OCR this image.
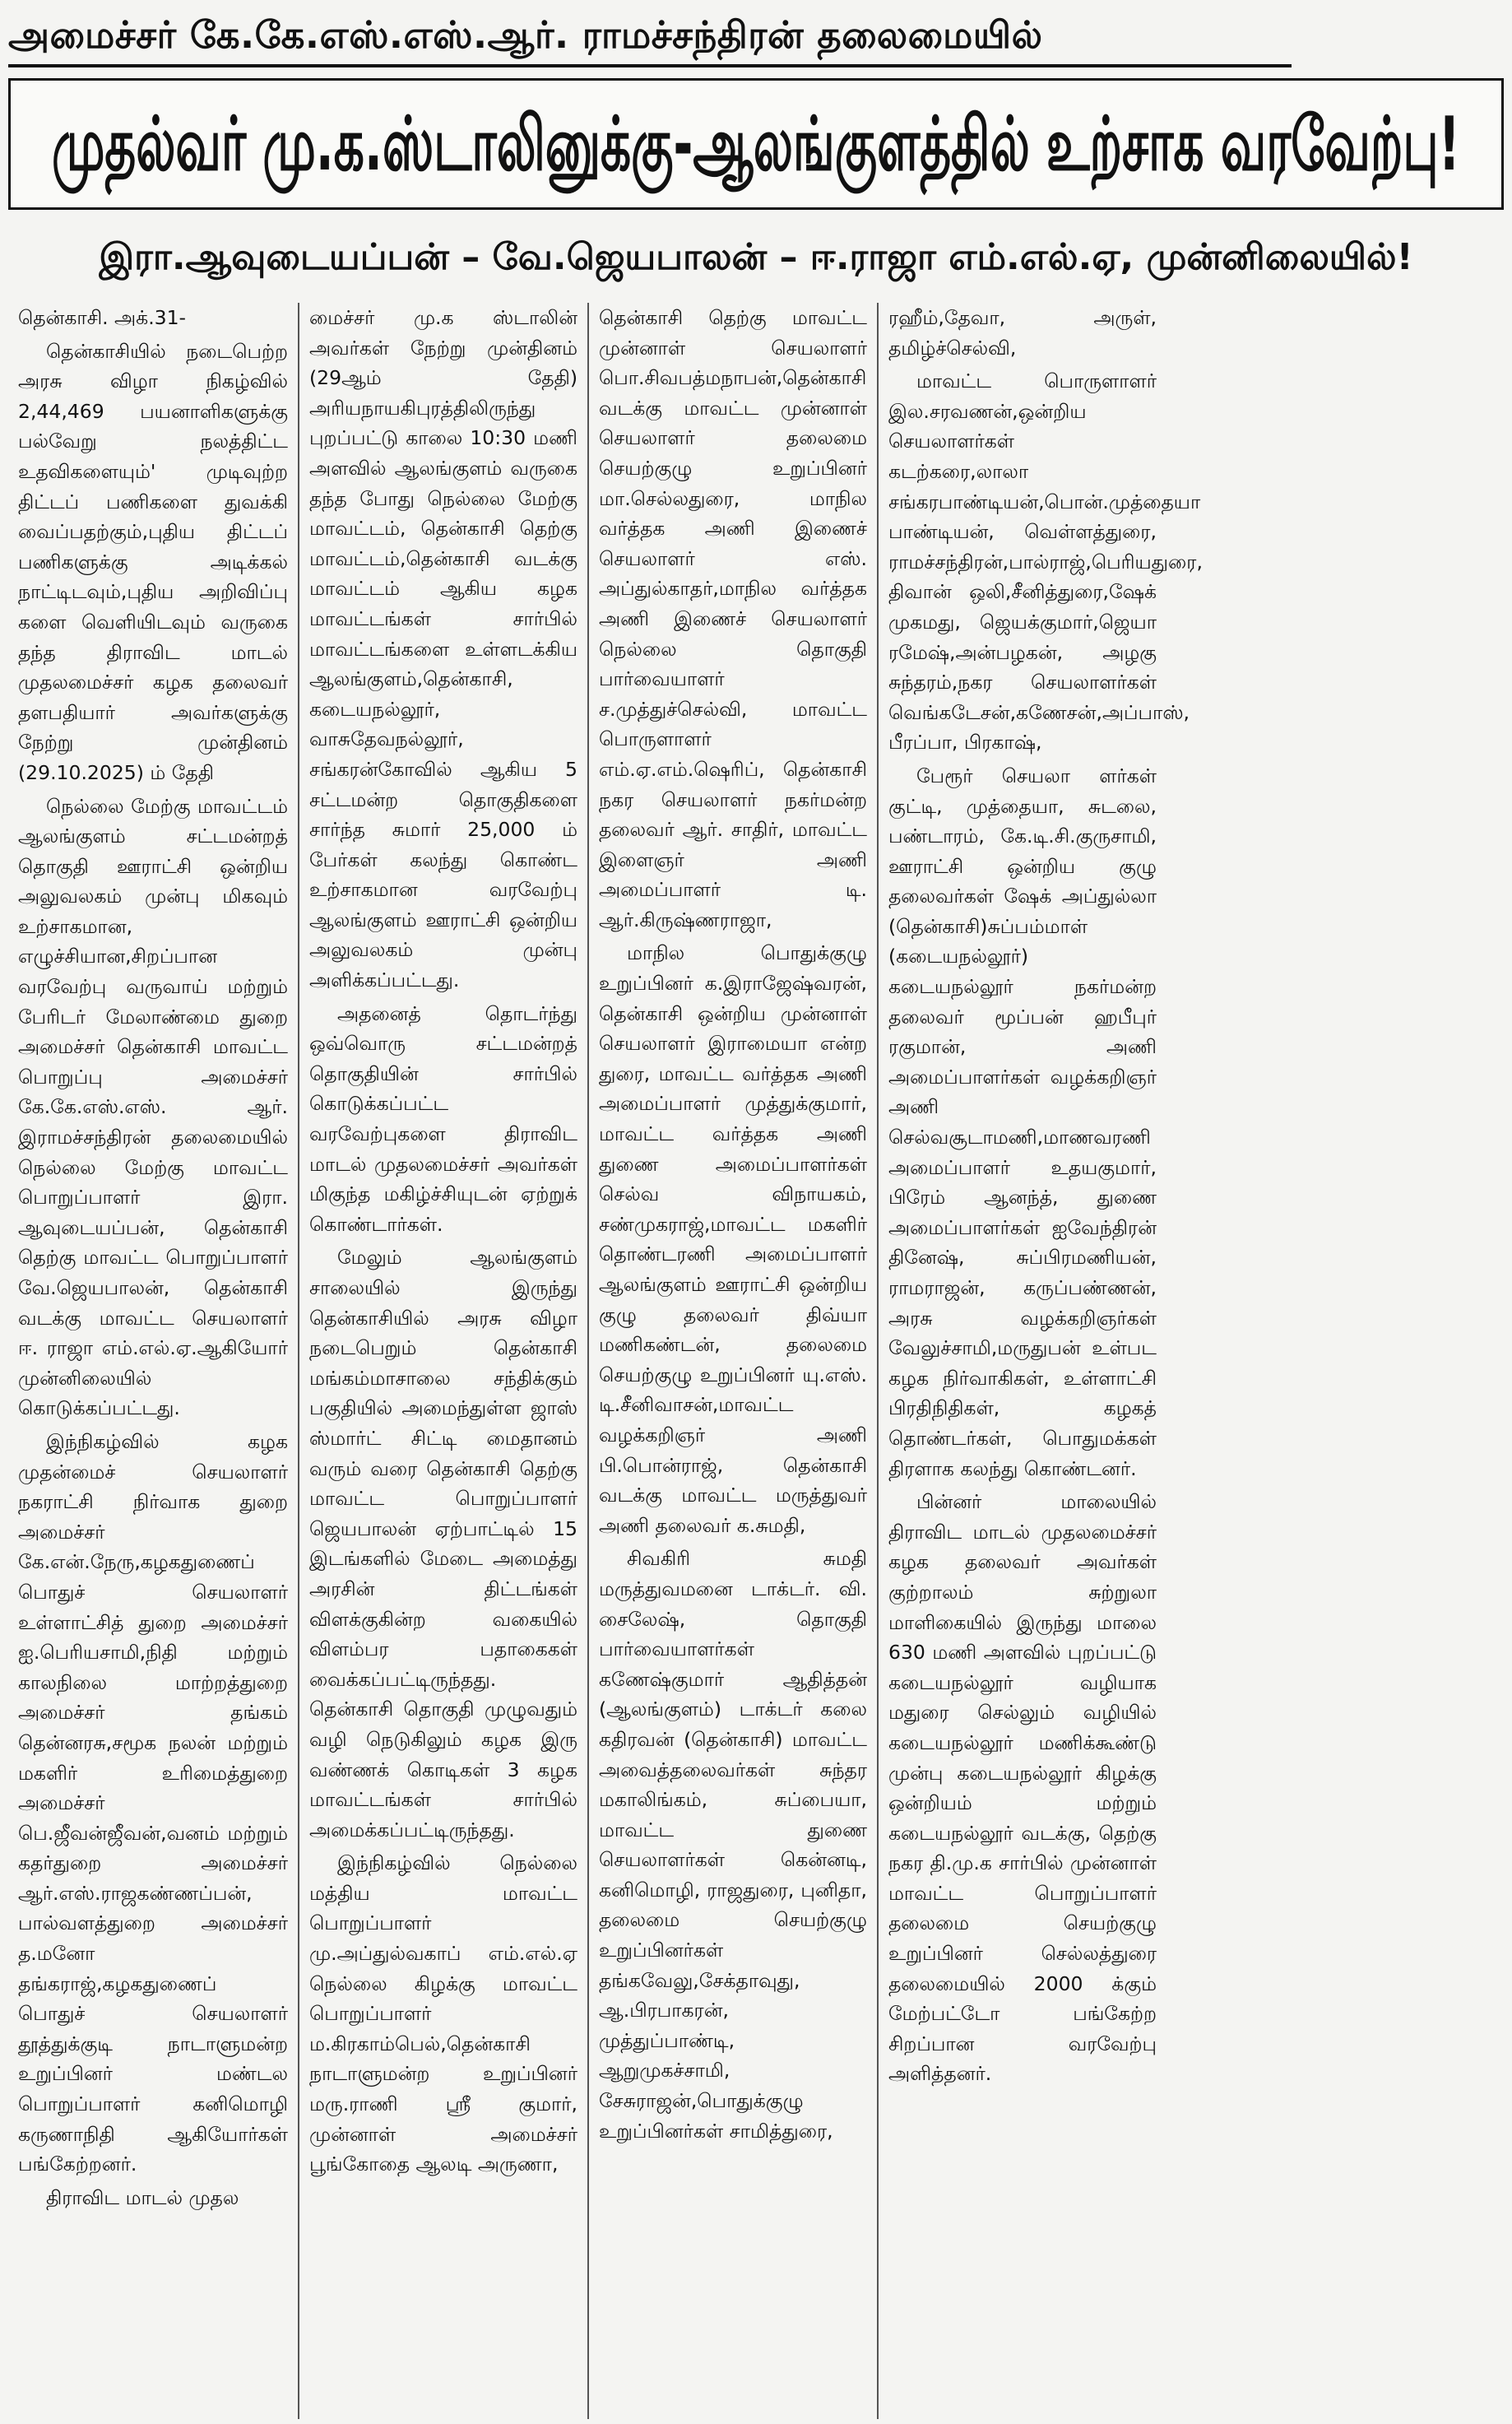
அமைச்சர் கே.கே.எஸ்.எஸ்.ஆர். ராமச்சந்திரன் தலைமையில்
முதல்வர் மு.க.ஸ்டாலினுக்கு-ஆலங்குளத்தில் உற்சாக வரவேற்பு!
இரா.ஆவுடையப்பன் – வே.ஜெயபாலன் – ஈ.ராஜா எம்.எல்.ஏ, முன்னிலையில்!

தென்காசி. அக்.31-

தென்காசியில் நடைபெற்ற அரசு விழா நிகழ்வில் 2,44,469 பயனாளிகளுக்கு பல்வேறு நலத்திட்ட உதவிகளையும்' முடிவுற்ற திட்டப் பணிகளை துவக்கி வைப்பதற்கும்,புதிய திட்டப் பணிகளுக்கு அடிக்கல் நாட்டிடவும்,புதிய அறிவிப்பு களை வெளியிடவும் வருகை தந்த திராவிட மாடல் முதலமைச்சர் கழக தலைவர் தளபதியார் அவர்களுக்கு நேற்று முன்தினம் (29.10.2025) ம் தேதி

நெல்லை மேற்கு மாவட்டம் ஆலங்குளம் சட்டமன்றத் தொகுதி ஊராட்சி ஒன்றிய அலுவலகம் முன்பு மிகவும் உற்சாகமான, எழுச்சியான,சிறப்பான வரவேற்பு வருவாய் மற்றும் பேரிடர் மேலாண்மை துறை அமைச்சர் தென்காசி மாவட்ட பொறுப்பு அமைச்சர் கே.கே.எஸ்.எஸ். ஆர். இராமச்சந்திரன் தலைமையில் நெல்லை மேற்கு மாவட்ட பொறுப்பாளர் இரா. ஆவுடையப்பன், தென்காசி தெற்கு மாவட்ட பொறுப்பாளர் வே.ஜெயபாலன், தென்காசி வடக்கு மாவட்ட செயலாளர் ஈ. ராஜா எம்.எல்.ஏ.ஆகியோர் முன்னிலையில் கொடுக்கப்பட்டது.

இந்நிகழ்வில் கழக முதன்மைச் செயலாளர் நகராட்சி நிர்வாக துறை அமைச்சர் கே.என்.நேரு,கழகதுணைப் பொதுச் செயலாளர் உள்ளாட்சித் துறை அமைச்சர் ஐ.பெரியசாமி,நிதி மற்றும் காலநிலை மாற்றத்துறை அமைச்சர் தங்கம் தென்னரசு,சமூக நலன் மற்றும் மகளிர் உரிமைத்துறை அமைச்சர் பெ.ஜீவன்ஜீவன்,வனம் மற்றும் கதர்துறை அமைச்சர் ஆர்.எஸ்.ராஜகண்ணப்பன், பால்வளத்துறை அமைச்சர் த.மனோ தங்கராஜ்,கழகதுணைப் பொதுச் செயலாளர் தூத்துக்குடி நாடாளுமன்ற உறுப்பினர் மண்டல பொறுப்பாளர் கனிமொழி கருணாநிதி ஆகியோர்கள் பங்கேற்றனர்.

திராவிட மாடல் முதல

மைச்சர் மு.க ஸ்டாலின் அவர்கள் நேற்று முன்தினம் (29ஆம் தேதி) அரியநாயகிபுரத்திலிருந்து புறப்பட்டு காலை 10:30 மணி அளவில் ஆலங்குளம் வருகை தந்த போது நெல்லை மேற்கு மாவட்டம், தென்காசி தெற்கு மாவட்டம்,தென்காசி வடக்கு மாவட்டம் ஆகிய கழக மாவட்டங்கள் சார்பில் மாவட்டங்களை உள்ளடக்கிய ஆலங்குளம்,தென்காசி, கடையநல்லூர், வாசுதேவநல்லூர், சங்கரன்கோவில் ஆகிய 5 சட்டமன்ற தொகுதிகளை சார்ந்த சுமார் 25,000 ம் பேர்கள் கலந்து கொண்ட உற்சாகமான வரவேற்பு ஆலங்குளம் ஊராட்சி ஒன்றிய அலுவலகம் முன்பு அளிக்கப்பட்டது.

அதனைத் தொடர்ந்து ஒவ்வொரு சட்டமன்றத் தொகுதியின் சார்பில் கொடுக்கப்பட்ட வரவேற்புகளை திராவிட மாடல் முதலமைச்சர் அவர்கள் மிகுந்த மகிழ்ச்சியுடன் ஏற்றுக் கொண்டார்கள்.

மேலும் ஆலங்குளம் சாலையில் இருந்து தென்காசியில் அரசு விழா நடைபெறும் தென்காசி மங்கம்மாசாலை சந்திக்கும் பகுதியில் அமைந்துள்ள ஜாஸ் ஸ்மார்ட் சிட்டி மைதானம் வரும் வரை தென்காசி தெற்கு மாவட்ட பொறுப்பாளர் ஜெயபாலன் ஏற்பாட்டில் 15 இடங்களில் மேடை அமைத்து அரசின் திட்டங்கள் விளக்குகின்ற வகையில் விளம்பர பதாகைகள் வைக்கப்பட்டிருந்தது. தென்காசி தொகுதி முழுவதும் வழி நெடுகிலும் கழக இரு வண்ணக் கொடிகள் 3 கழக மாவட்டங்கள் சார்பில் அமைக்கப்பட்டிருந்தது.

இந்நிகழ்வில் நெல்லை மத்திய மாவட்ட பொறுப்பாளர் மு.அப்துல்வகாப் எம்.எல்.ஏ நெல்லை கிழக்கு மாவட்ட பொறுப்பாளர் ம.கிரகாம்பெல்,தென்காசி நாடாளுமன்ற உறுப்பினர் மரு.ராணி ஸ்ரீ குமார், முன்னாள் அமைச்சர் பூங்கோதை ஆலடி அருணா,

தென்காசி தெற்கு மாவட்ட முன்னாள் செயலாளர் பொ.சிவபத்மநாபன்,தென்காசி வடக்கு மாவட்ட முன்னாள் செயலாளர் தலைமை செயற்குழு உறுப்பினர் மா.செல்லதுரை, மாநில வர்த்தக அணி இணைச் செயலாளர் எஸ். அப்துல்காதர்,மாநில வர்த்தக அணி இணைச் செயலாளர் நெல்லை தொகுதி பார்வையாளர் ச.முத்துச்செல்வி, மாவட்ட பொருளாளர் எம்.ஏ.எம்.ஷெரிப், தென்காசி நகர செயலாளர் நகர்மன்ற தலைவர் ஆர். சாதிர், மாவட்ட இளைஞர் அணி அமைப்பாளர் டி. ஆர்.கிருஷ்ணராஜா,

மாநில பொதுக்குழு உறுப்பினர் க.இராஜேஷ்வரன், தென்காசி ஒன்றிய முன்னாள் செயலாளர் இராமையா என்ற துரை, மாவட்ட வர்த்தக அணி அமைப்பாளர் முத்துக்குமார், மாவட்ட வர்த்தக அணி துணை அமைப்பாளர்கள் செல்வ விநாயகம், சண்முகராஜ்,மாவட்ட மகளிர் தொண்டரணி அமைப்பாளர் ஆலங்குளம் ஊராட்சி ஒன்றிய குழு தலைவர் திவ்யா மணிகண்டன், தலைமை செயற்குழு உறுப்பினர் யு.எஸ். டி.சீனிவாசன்,மாவட்ட வழக்கறிஞர் அணி பி.பொன்ராஜ், தென்காசி வடக்கு மாவட்ட மருத்துவர் அணி தலைவர் க.சுமதி,

சிவகிரி சுமதி மருத்துவமனை டாக்டர். வி. சைலேஷ், தொகுதி பார்வையாளர்கள் கணேஷ்குமார் ஆதித்தன் (ஆலங்குளம்) டாக்டர் கலை கதிரவன் (தென்காசி) மாவட்ட அவைத்தலைவர்கள் சுந்தர மகாலிங்கம், சுப்பையா, மாவட்ட துணை செயலாளர்கள் கென்னடி, கனிமொழி, ராஜதுரை, புனிதா, தலைமை செயற்குழு உறுப்பினர்கள் தங்கவேலு,சேக்தாவுது, ஆ.பிரபாகரன், முத்துப்பாண்டி, ஆறுமுகச்சாமி, சேசுராஜன்,பொதுக்குழு உறுப்பினர்கள் சாமித்துரை,

ரஹீம்,தேவா, அருள், தமிழ்ச்செல்வி,

மாவட்ட பொருளாளர் இல.சரவணன்,ஒன்றிய செயலாளர்கள் கடற்கரை,லாலா சங்கரபாண்டியன்,பொன்.முத்தையா பாண்டியன், வெள்ளத்துரை, ராமச்சந்திரன்,பால்ராஜ்,பெரியதுரை, திவான் ஒலி,சீனித்துரை,ஷேக் முகமது, ஜெயக்குமார்,ஜெயா ரமேஷ்,அன்பழகன், அழகு சுந்தரம்,நகர செயலாளர்கள் வெங்கடேசன்,கணேசன்,அப்பாஸ், பீரப்பா, பிரகாஷ்,

பேரூர் செயலா ளர்கள் குட்டி, முத்தையா, சுடலை, பண்டாரம், கே.டி.சி.குருசாமி, ஊராட்சி ஒன்றிய குழு தலைவர்கள் ஷேக் அப்துல்லா (தென்காசி)சுப்பம்மாள் (கடையநல்லூர்) கடையநல்லூர் நகர்மன்ற தலைவர் மூப்பன் ஹபீபுர் ரகுமான், அணி அமைப்பாளர்கள் வழக்கறிஞர் அணி செல்வசூடாமணி,மாணவரணி அமைப்பாளர் உதயகுமார், பிரேம் ஆனந்த், துணை அமைப்பாளர்கள் ஐவேந்திரன் தினேஷ், சுப்பிரமணியன், ராமராஜன், கருப்பண்ணன், அரசு வழக்கறிஞர்கள் வேலுச்சாமி,மருதுபன் உள்பட கழக நிர்வாகிகள், உள்ளாட்சி பிரதிநிதிகள், கழகத் தொண்டர்கள், பொதுமக்கள் திரளாக கலந்து கொண்டனர்.

பின்னர் மாலையில் திராவிட மாடல் முதலமைச்சர் கழக தலைவர் அவர்கள் குற்றாலம் சுற்றுலா மாளிகையில் இருந்து மாலை 630 மணி அளவில் புறப்பட்டு கடையநல்லூர் வழியாக மதுரை செல்லும் வழியில் கடையநல்லூர் மணிக்கூண்டு முன்பு கடையநல்லூர் கிழக்கு ஒன்றியம் மற்றும் கடையநல்லூர் வடக்கு, தெற்கு நகர தி.மு.க சார்பில் முன்னாள் மாவட்ட பொறுப்பாளர் தலைமை செயற்குழு உறுப்பினர் செல்லத்துரை தலைமையில் 2000 க்கும் மேற்பட்டோ பங்கேற்ற சிறப்பான வரவேற்பு அளித்தனர்.
